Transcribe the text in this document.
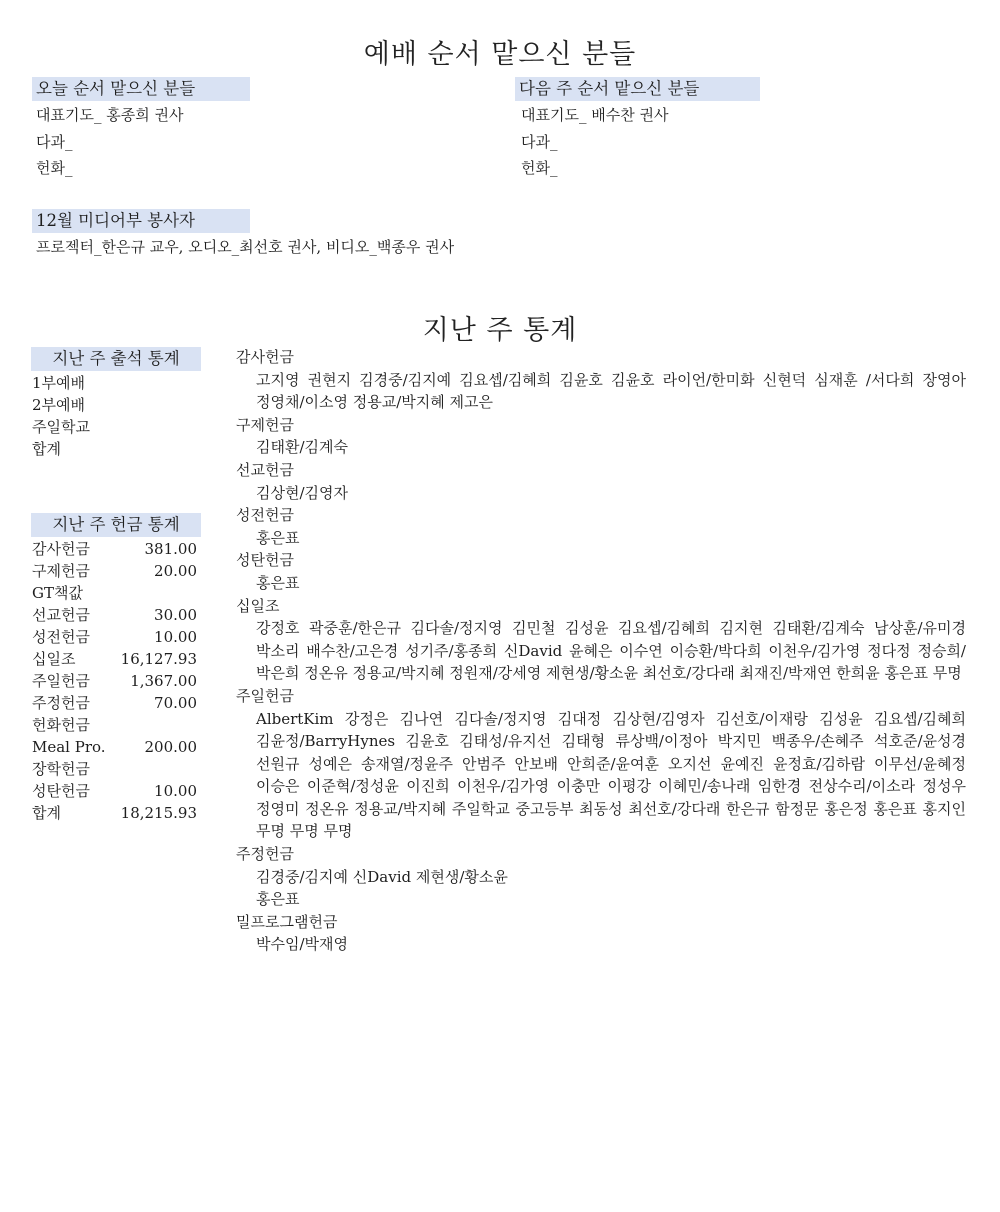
예배 순서 맡으신 분들
오늘 순서 맡으신 분들
대표기도_ 홍종희 권사
다과_
헌화_
다음 주 순서 맡으신 분들
대표기도_ 배수찬 권사
다과_
헌화_
12월 미디어부 봉사자
프로젝터_한은규 교우, 오디오_최선호 권사, 비디오_백종우 권사
지난 주 통계
지난 주 출석 통계
1부예배
2부예배
주일학교
합계
지난 주 헌금 통계
감사헌금	381.00
구제헌금	20.00
GT책값
선교헌금	30.00
성전헌금	10.00
십일조	16,127.93
주일헌금	1,367.00
주정헌금	70.00
헌화헌금
Meal Pro.	200.00
장학헌금
성탄헌금	10.00
합계	18,215.93
감사헌금
고지영 권현지 김경중/김지예 김요셉/김혜희 김윤호 김윤호 라이언/한미화 신현덕 심재훈 /서다희 장영아 정영채/이소영 정용교/박지혜 제고은
구제헌금
김태환/김계숙
선교헌금
김상현/김영자
성전헌금
홍은표
성탄헌금
홍은표
십일조
강정호 곽중훈/한은규 김다솔/정지영 김민철 김성윤 김요셉/김혜희 김지현 김태환/김계숙 남상훈/유미경 박소리 배수찬/고은경 성기주/홍종희 신David 윤혜은 이수연 이승환/박다희 이천우/김가영 정다정 정승희/박은희 정온유 정용교/박지혜 정원재/강세영 제현생/황소윤 최선호/강다래 최재진/박재연 한희윤 홍은표 무명
주일헌금
AlbertKim 강정은 김나연 김다솔/정지영 김대정 김상현/김영자 김선호/이재랑 김성윤 김요셉/김혜희 김윤정/BarryHynes 김윤호 김태성/유지선 김태형 류상백/이정아 박지민 백종우/손혜주 석호준/윤성경 선원규 성예은 송재열/정윤주 안범주 안보배 안희준/윤여훈 오지선 윤예진 윤정효/김하람 이무선/윤혜정 이승은 이준혁/정성윤 이진희 이천우/김가영 이충만 이평강 이혜민/송나래 임한경 전상수리/이소라 정성우 정영미 정온유 정용교/박지혜 주일학교 중고등부 최동성 최선호/강다래 한은규 함정문 홍은정 홍은표 홍지인 무명 무명 무명
주정헌금
김경중/김지예 신David 제현생/황소윤
홍은표
밀프로그램헌금
박수임/박재영
